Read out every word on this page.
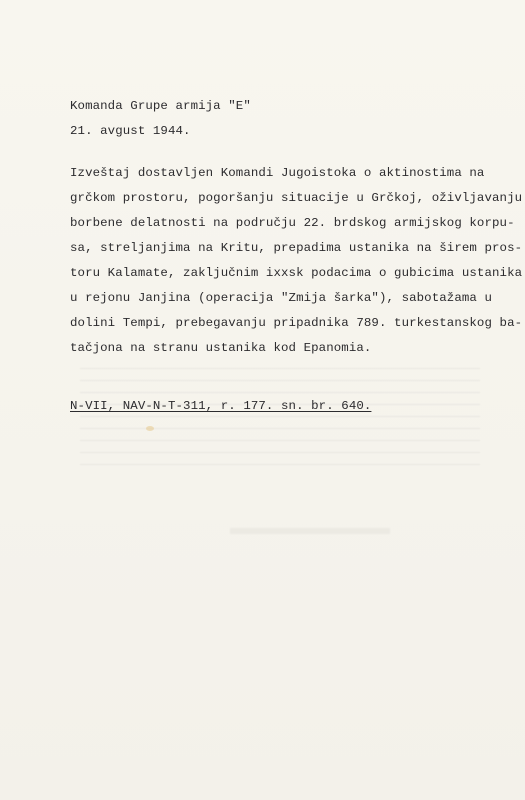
Komanda Grupe armija "E"
21. avgust 1944.
Izveštaj dostavljen Komandi Jugoistoka o aktinostima na
grčkom prostoru, pogoršanju situacije u Grčkoj, oživljavanju
borbene delatnosti na području 22. brdskog armijskog korpu-
sa, streljanjima na Kritu, prepadima ustanika na širem pros-
toru Kalamate, zaključnim ixxsk podacima o gubicima ustanika
u rejonu Janjina (operacija "Zmija šarka"), sabotažama u
dolini Tempi, prebegavanju pripadnika 789. turkestanskog ba-
tačjona na stranu ustanika kod Epanomia.
N-VII, NAV-N-T-311, r. 177. sn. br. 640.
